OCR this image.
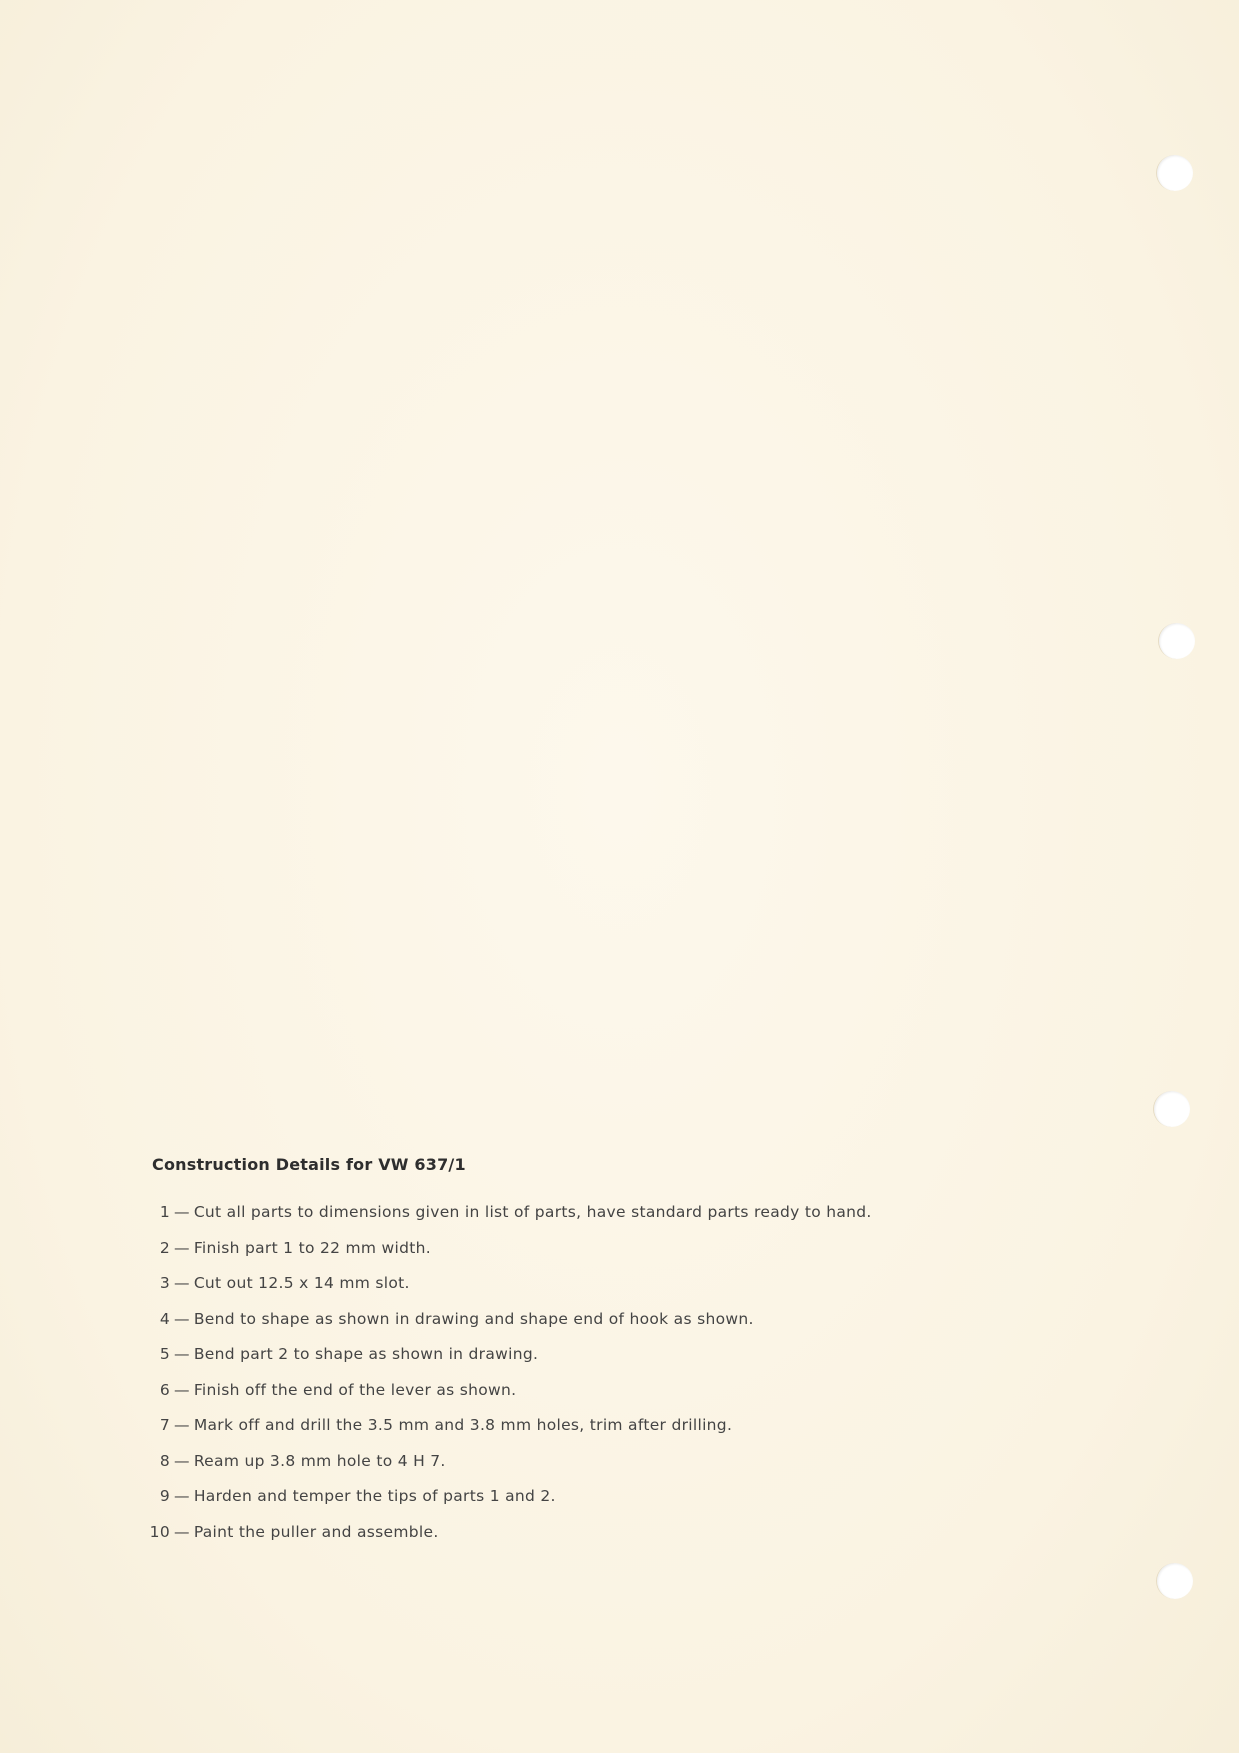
Construction Details for VW 637/1
1 — Cut all parts to dimensions given in list of parts, have standard parts ready to hand.
2 — Finish part 1 to 22 mm width.
3 — Cut out 12.5 x 14 mm slot.
4 — Bend to shape as shown in drawing and shape end of hook as shown.
5 — Bend part 2 to shape as shown in drawing.
6 — Finish off the end of the lever as shown.
7 — Mark off and drill the 3.5 mm and 3.8 mm holes, trim after drilling.
8 — Ream up 3.8 mm hole to 4 H 7.
9 — Harden and temper the tips of parts 1 and 2.
10 — Paint the puller and assemble.
